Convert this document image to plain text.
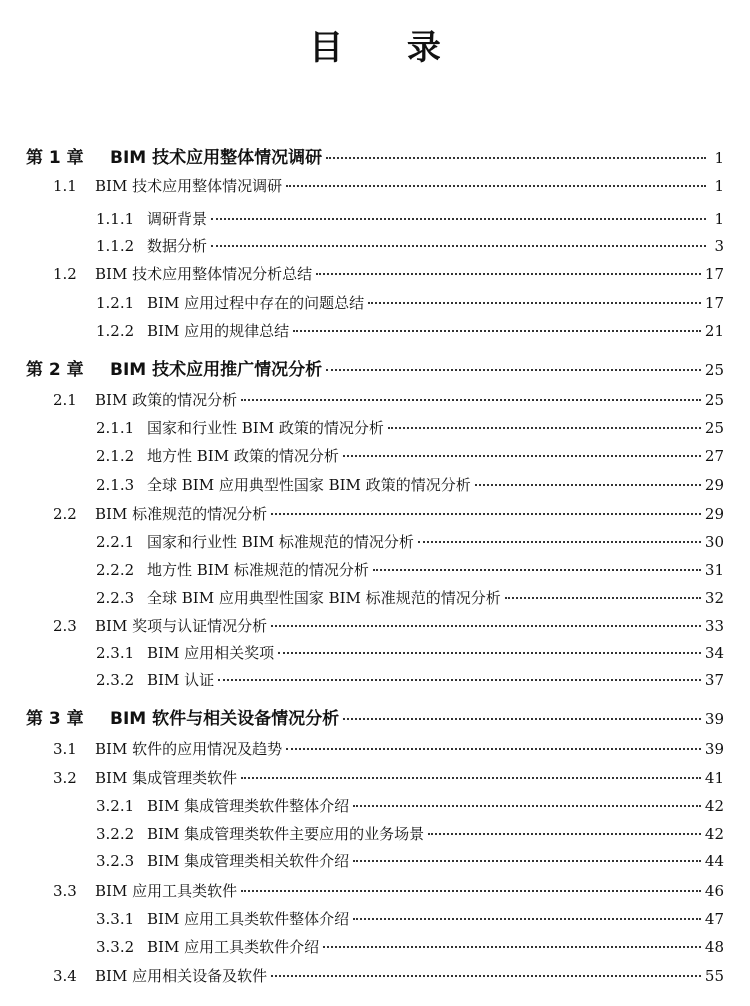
目 录
第 1 章	BIM 技术应用整体情况调研	1
1.1	BIM 技术应用整体情况调研	1
1.1.1 调研背景	1
1.1.2 数据分析	3
1.2	BIM 技术应用整体情况分析总结	17
1.2.1 BIM 应用过程中存在的问题总结	17
1.2.2 BIM 应用的规律总结	21
第 2 章	BIM 技术应用推广情况分析	25
2.1	BIM 政策的情况分析	25
2.1.1 国家和行业性 BIM 政策的情况分析	25
2.1.2 地方性 BIM 政策的情况分析	27
2.1.3 全球 BIM 应用典型性国家 BIM 政策的情况分析	29
2.2	BIM 标准规范的情况分析	29
2.2.1 国家和行业性 BIM 标准规范的情况分析	30
2.2.2 地方性 BIM 标准规范的情况分析	31
2.2.3 全球 BIM 应用典型性国家 BIM 标准规范的情况分析	32
2.3	BIM 奖项与认证情况分析	33
2.3.1 BIM 应用相关奖项	34
2.3.2 BIM 认证	37
第 3 章	BIM 软件与相关设备情况分析	39
3.1	BIM 软件的应用情况及趋势	39
3.2	BIM 集成管理类软件	41
3.2.1 BIM 集成管理类软件整体介绍	42
3.2.2 BIM 集成管理类软件主要应用的业务场景	42
3.2.3 BIM 集成管理类相关软件介绍	44
3.3	BIM 应用工具类软件	46
3.3.1 BIM 应用工具类软件整体介绍	47
3.3.2 BIM 应用工具类软件介绍	48
3.4	BIM 应用相关设备及软件	55
